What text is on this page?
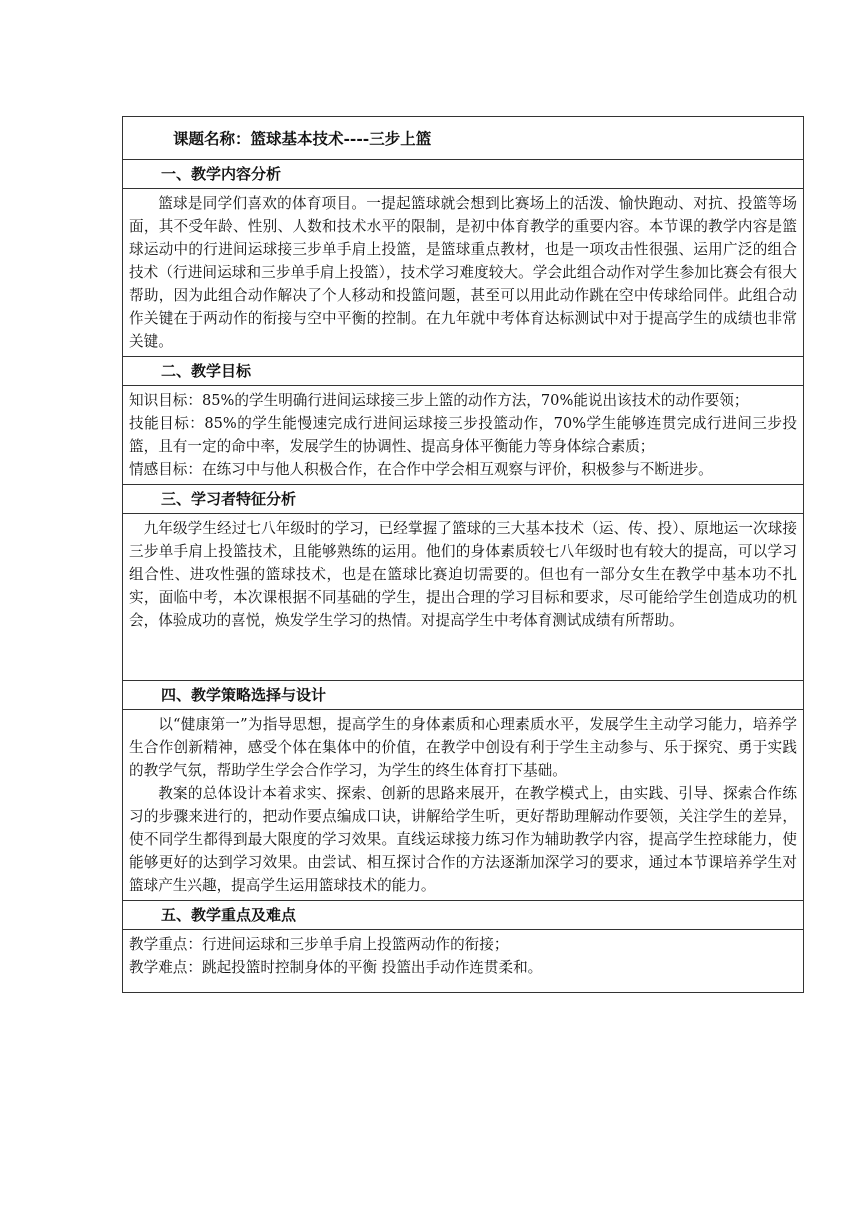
课题名称：篮球基本技术----三步上篮
一、教学内容分析

篮球是同学们喜欢的体育项目。一提起篮球就会想到比赛场上的活泼、愉快跑动、对抗、投篮等场面，其不受年龄、性别、人数和技术水平的限制，是初中体育教学的重要内容。本节课的教学内容是篮球运动中的行进间运球接三步单手肩上投篮，是篮球重点教材，也是一项攻击性很强、运用广泛的组合技术（行进间运球和三步单手肩上投篮），技术学习难度较大。学会此组合动作对学生参加比赛会有很大帮助，因为此组合动作解决了个人移动和投篮问题，甚至可以用此动作跳在空中传球给同伴。此组合动作关键在于两动作的衔接与空中平衡的控制。在九年就中考体育达标测试中对于提高学生的成绩也非常关键。

二、教学目标

知识目标：85%的学生明确行进间运球接三步上篮的动作方法，70%能说出该技术的动作要领；

技能目标：85%的学生能慢速完成行进间运球接三步投篮动作，70%学生能够连贯完成行进间三步投篮，且有一定的命中率，发展学生的协调性、提高身体平衡能力等身体综合素质；

情感目标：在练习中与他人积极合作，在合作中学会相互观察与评价，积极参与不断进步。

三、学习者特征分析

九年级学生经过七八年级时的学习，已经掌握了篮球的三大基本技术（运、传、投）、原地运一次球接三步单手肩上投篮技术，且能够熟练的运用。他们的身体素质较七八年级时也有较大的提高，可以学习组合性、进攻性强的篮球技术，也是在篮球比赛迫切需要的。但也有一部分女生在教学中基本功不扎实，面临中考，本次课根据不同基础的学生，提出合理的学习目标和要求，尽可能给学生创造成功的机会，体验成功的喜悦，焕发学生学习的热情。对提高学生中考体育测试成绩有所帮助。

四、教学策略选择与设计

以“健康第一”为指导思想，提高学生的身体素质和心理素质水平，发展学生主动学习能力，培养学生合作创新精神，感受个体在集体中的价值，在教学中创设有利于学生主动参与、乐于探究、勇于实践的教学气氛，帮助学生学会合作学习，为学生的终生体育打下基础。

教案的总体设计本着求实、探索、创新的思路来展开，在教学模式上，由实践、引导、探索合作练习的步骤来进行的，把动作要点编成口诀，讲解给学生听，更好帮助理解动作要领，关注学生的差异，使不同学生都得到最大限度的学习效果。直线运球接力练习作为辅助教学内容，提高学生控球能力，使能够更好的达到学习效果。由尝试、相互探讨合作的方法逐渐加深学习的要求，通过本节课培养学生对篮球产生兴趣，提高学生运用篮球技术的能力。

五、教学重点及难点

教学重点：行进间运球和三步单手肩上投篮两动作的衔接；

教学难点：跳起投篮时控制身体的平衡 投篮出手动作连贯柔和。
